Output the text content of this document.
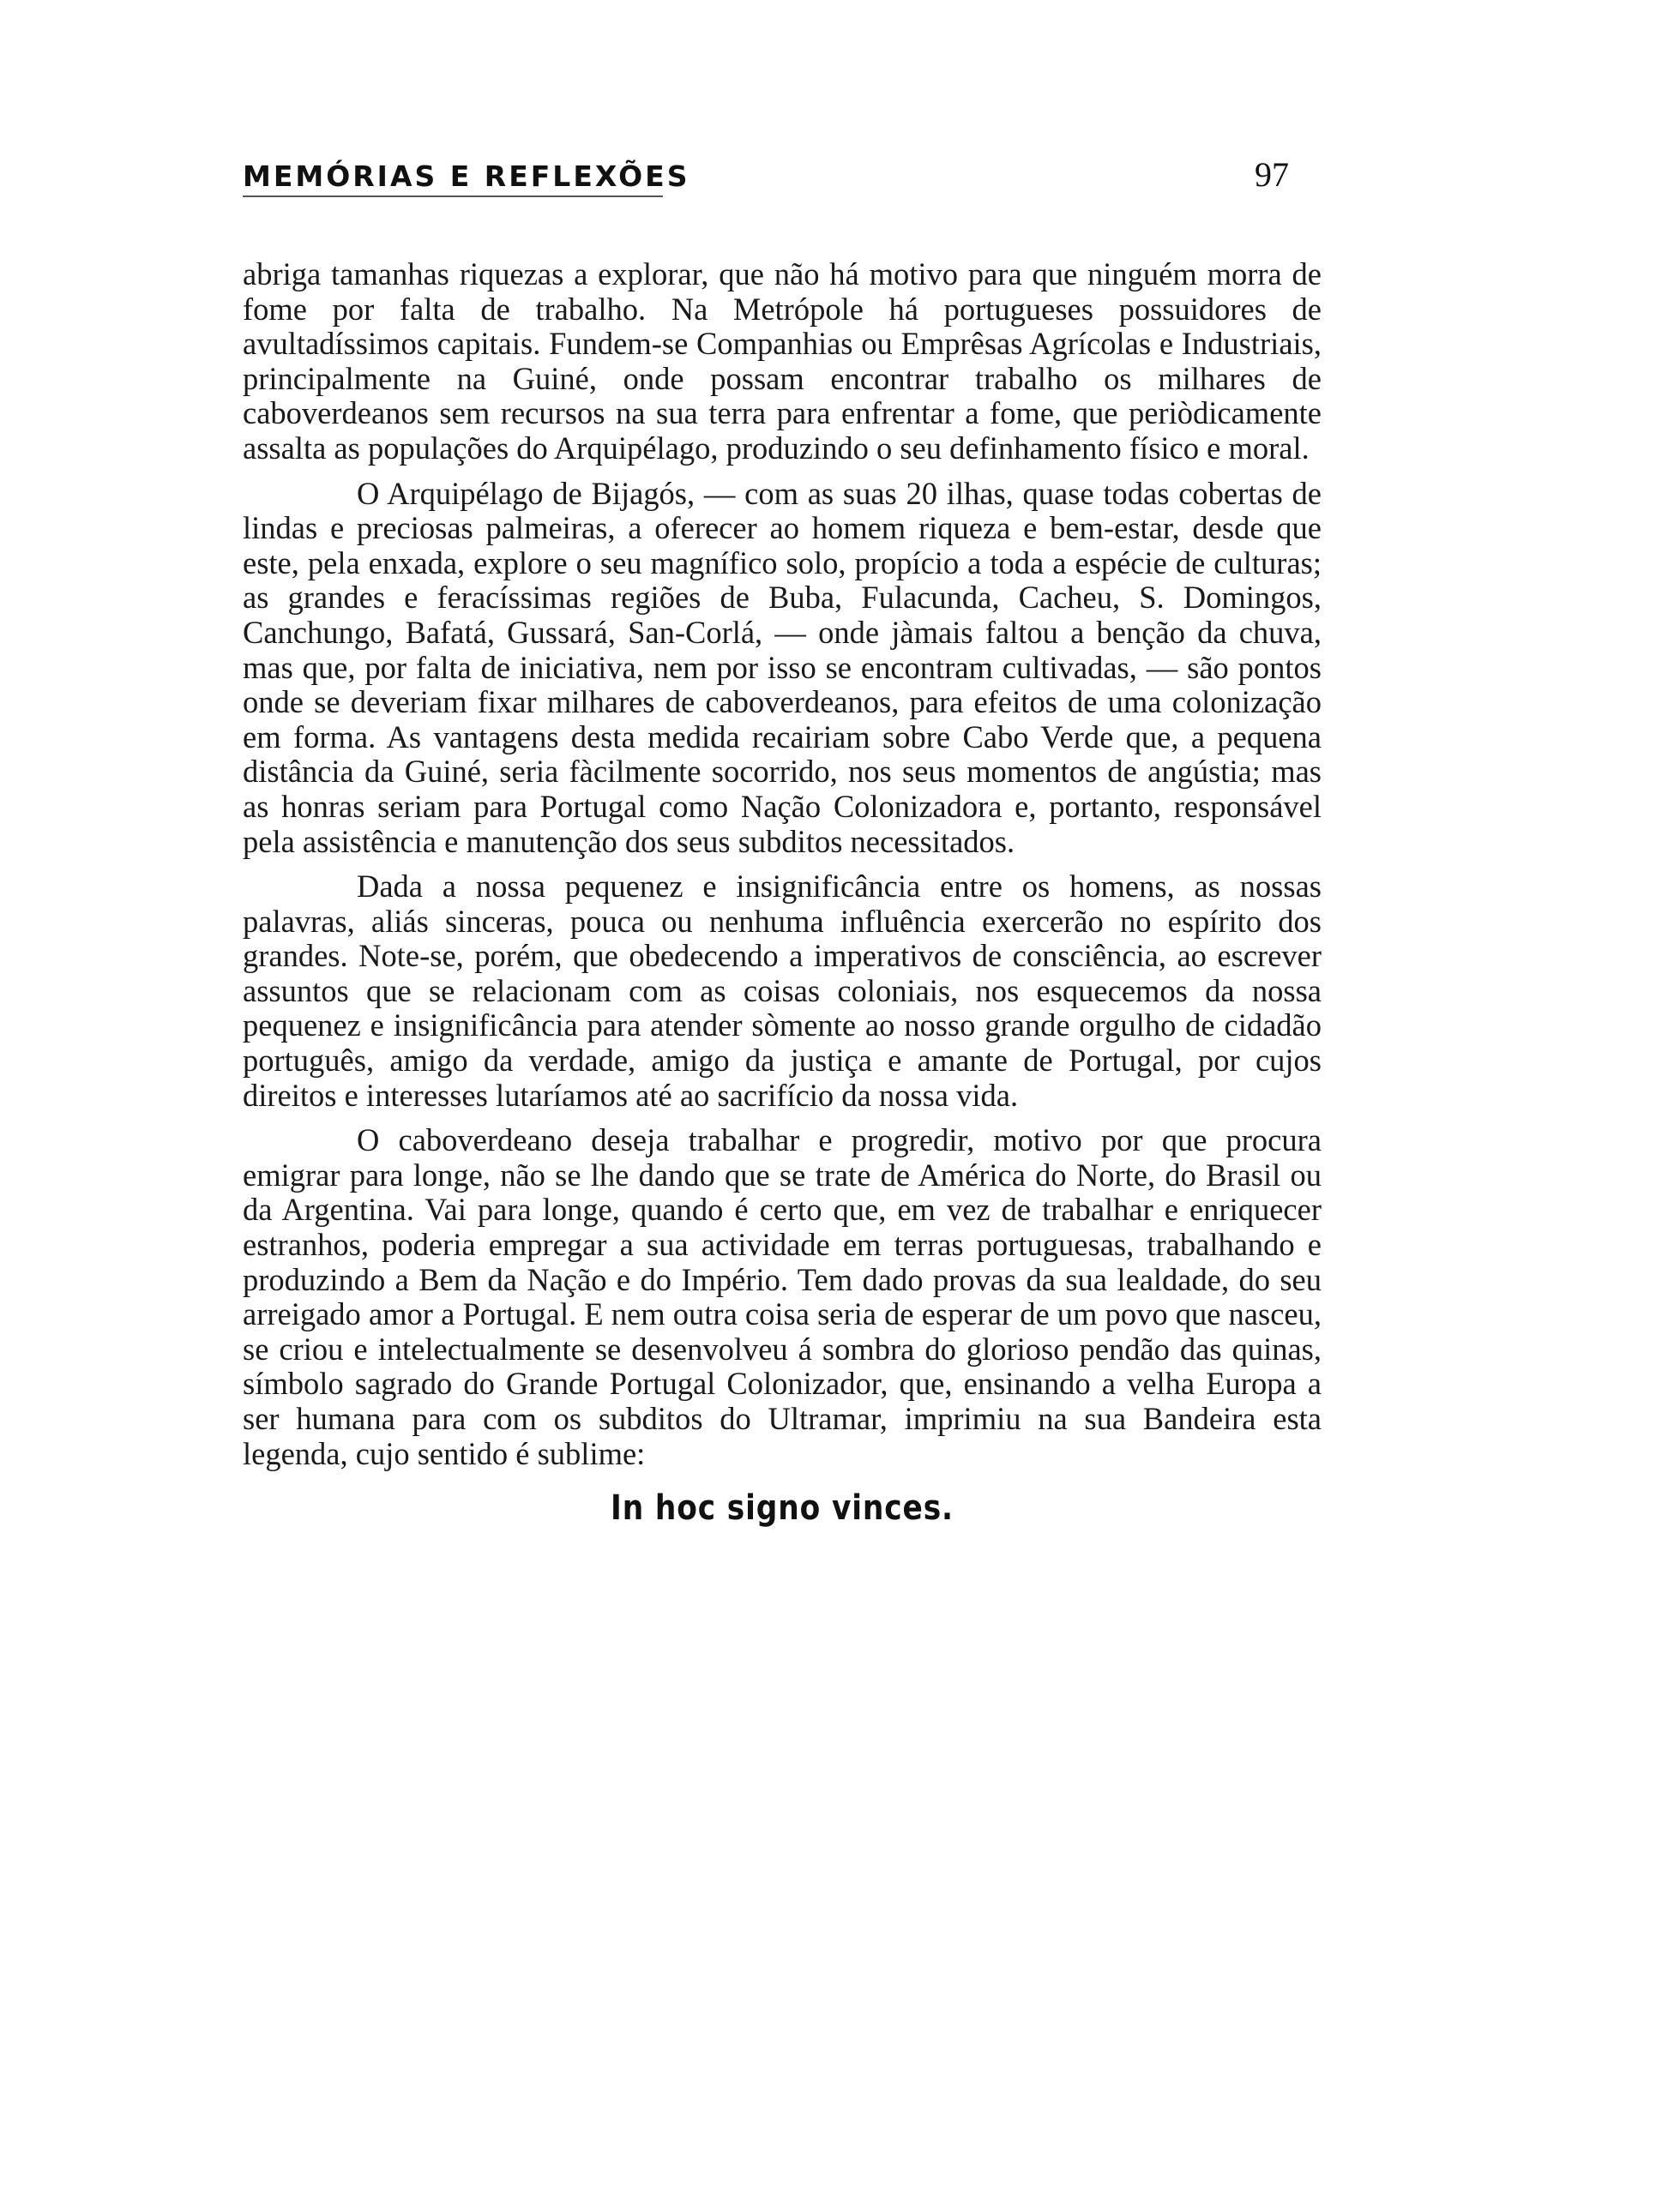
MEMÓRIAS E REFLEXÕES	97

abriga tamanhas riquezas a explorar, que não há motivo para que ninguém morra de fome por falta de trabalho. Na Metrópole há portugueses possuidores de avultadíssimos capitais. Fundem-se Companhias ou Emprêsas Agrícolas e Industriais, principalmente na Guiné, onde possam encontrar trabalho os milhares de caboverdeanos sem recursos na sua terra para enfrentar a fome, que periòdicamente assalta as populações do Arquipélago, produzindo o seu definhamento físico e moral.

O Arquipélago de Bijagós, — com as suas 20 ilhas, quase todas cobertas de lindas e preciosas palmeiras, a oferecer ao homem riqueza e bem-estar, desde que este, pela enxada, explore o seu magnífico solo, propício a toda a espécie de culturas; as grandes e feracíssimas regiões de Buba, Fulacunda, Cacheu, S. Domingos, Canchungo, Bafatá, Gussará, San-Corlá, — onde jàmais faltou a benção da chuva, mas que, por falta de iniciativa, nem por isso se encontram cultivadas, — são pontos onde se deveriam fixar milhares de caboverdeanos, para efeitos de uma colonização em forma. As vantagens desta medida recairiam sobre Cabo Verde que, a pequena distância da Guiné, seria fàcilmente socorrido, nos seus momentos de angústia; mas as honras seriam para Portugal como Nação Colonizadora e, portanto, responsável pela assistência e manutenção dos seus subditos necessitados.

Dada a nossa pequenez e insignificância entre os homens, as nossas palavras, aliás sinceras, pouca ou nenhuma influência exercerão no espírito dos grandes. Note-se, porém, que obedecendo a imperativos de consciência, ao escrever assuntos que se relacionam com as coisas coloniais, nos esquecemos da nossa pequenez e insignificância para atender sòmente ao nosso grande orgulho de cidadão português, amigo da verdade, amigo da justiça e amante de Portugal, por cujos direitos e interesses lutaríamos até ao sacrifício da nossa vida.

O caboverdeano deseja trabalhar e progredir, motivo por que procura emigrar para longe, não se lhe dando que se trate de América do Norte, do Brasil ou da Argentina. Vai para longe, quando é certo que, em vez de trabalhar e enriquecer estranhos, poderia empregar a sua actividade em terras portuguesas, trabalhando e produzindo a Bem da Nação e do Império. Tem dado provas da sua lealdade, do seu arreigado amor a Portugal. E nem outra coisa seria de esperar de um povo que nasceu, se criou e intelectualmente se desenvolveu á sombra do glorioso pendão das quinas, símbolo sagrado do Grande Portugal Colonizador, que, ensinando a velha Europa a ser humana para com os subditos do Ultramar, imprimiu na sua Bandeira esta legenda, cujo sentido é sublime:

In hoc signo vinces.
